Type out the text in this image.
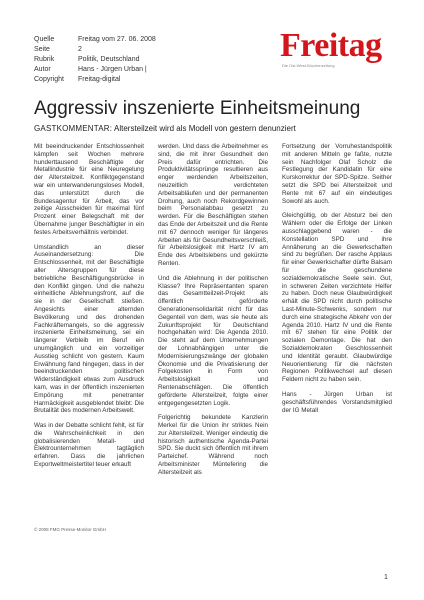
Quelle	Freitag vom 27. 06. 2008
Seite	2
Rubrik	Politik, Deutschland
Autor	Hans - Jürgen Urban |
Copyright	Freitag-digital
Freitag
Die Ost-West-Wochenzeitung
Aggressiv inszenierte Einheitsmeinung
GASTKOMMENTAR: Altersteilzeit wird als Modell von gestern denunziert

Mit beeindruckender Entschlossenheit kämpfen seit Wochen mehrere hunderttausend Beschäftigte der Metallindustrie für eine Neuregelung der Altersteilzeit. Konfliktgegenstand war ein unterwanderungsloses Modell, das unterstützt durch die Bundesagentur für Arbeit, das vor zeitige Ausscheiden für maximal fünf Prozent einer Belegschaft mit der Übernahme junger Beschäftigter in ein festes Arbeitsverhältnis verbindet.

Umstandlich an dieser Auseinandersetzung: Die Entschlossenheit, mit der Beschäftigte aller Altersgruppen für diese betriebliche Beschäftigungsbrücke in den Konflikt gingen. Und die nahezu einheitliche Ablehnungsfront, auf die sie in der Gesellschaft stießen. Angesichts einer alternden Bevölkerung und des drohenden Fachkräftemangels, so die aggressiv inszenierte Einheitsmeinung, sei ein längerer Verbleib im Beruf ein unumgänglich und ein vorzeitiger Ausstieg schlicht von gestern. Kaum Erwähnung fand hingegen, dass in der beeindruckenden politischen Widerständigkeit etwas zum Ausdruck kam, was in der öffentlich inszenierten Empörung mit penetranter Harmäckigkeit ausgeblendet bleibt: Die Brutalität des modernen Arbeitswelt.

Was in der Debatte schlicht fehlt, ist für die Wahrscheinlichkeit in den globalisierenden Metall- und Elektrounternehmen tagtäglich erfahren. Dass die jahrlichen Exportweltmeistertitel teuer erkauft

werden. Und dass die Arbeitnehmer es sind, die mit ihrer Gesundheit den Preis dafür entrichten. Die Produktivitätssprünge resultieren aus enger werdenden Arbeitszeiten, neuzeitlich verdichteten Arbeitsabläufen und der permanenten Drohung, auch noch Rekordgewinnen beim Personalabbau gesetzt zu werden. Für die Beschäftigten stehen das Ende der Arbeitszeit und die Rente mit 67 dennoch weniger für längeres Arbeiten als für Gesundheitsverschleiß, für Arbeitslosigkeit mit Hartz IV am Ende des Arbeitslebens und gekürzte Renten.

Und die Ablehnung in der politischen Klasse? Ihre Repräsentanten sparen das Gesamtteilzeit-Projekt als öffentlich geförderte Generationensolidarität nicht für das Gegenteil von dem, was sie heute als Zukunftsprojekt für Deutschland hochgehalten wird: Die Agenda 2010. Die steht auf dem Unternehmungen der Lohnabhängigen unter die Modernisierungszwänge der globalen Ökonomie und die Privatisierung der Folgekosten in Form von Arbeitslosigkeit und Rentenabschlägen. Die öffentlich geförderte Altersteilzeit, folgte einer entgegengesetzten Logik.

Folgerichtig bekundete Kanzlerin Merkel für die Union ihr striktes Nein zur Altersteilzeit. Weniger eindeutig die historisch authentische Agenda-Partei SPD. Sie duckt sich öffentlich mit ihrem Parteichef. Während noch Arbeitsminister Müntefering die Altersteilzeit als

Fortsetzung der Vorruhestandspolitik mit anderen Mitteln ge faßte, nutzte sein Nachfolger Olaf Scholz die Festlegung der Kandidatin für eine Kurskorrektur der SPD-Spitze. Seither setzt die SPD bei Altersteilzeit und Rente mit 67 auf ein eindeutiges Sowohl als auch.

Gleichgültig, ob der Absturz bei den Wählern oder die Erfolge der Linken ausschlaggebend waren - die Konstellation SPD und ihre Annäherung an die Gewerkschaften sind zu begrüßen. Der rasche Applaus für einer Gewerkschafter dürfte Balsam für die geschundene sozialdemokratische Seele sein. Gut, in schweren Zeiten verzichtete Helfer zu haben. Doch neue Glaubwürdigkeit erhält die SPD nicht durch politische Last-Minute-Schwenks, sondern nur durch eine strategische Abkehr von der Agenda 2010. Hartz IV und die Rente mit 67 stehen für eine Politik der sozialen Demontage. Die hat den Sozialdemokraten Geschlossenheit und Identität geraubt. Glaubwürdige Neuorientierung für die nächsten Regionen Politikwechsel auf diesen Feldern nicht zu haben sein.

Hans - Jürgen Urban ist geschäftsführendes Vorstandsmitglied der IG Metall

© 2008 FMG Presse-Monitor GmbH
1
